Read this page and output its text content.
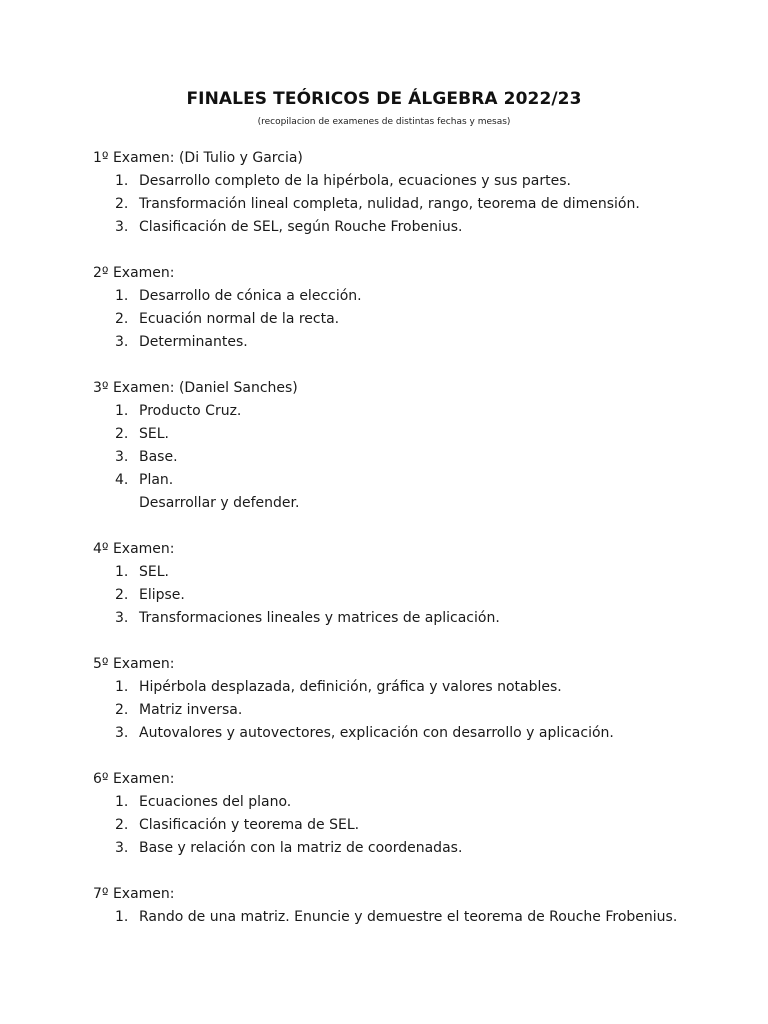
FINALES TEÓRICOS DE ÁLGEBRA 2022/23
(recopilacion de examenes de distintas fechas y mesas)
1º Examen: (Di Tulio y Garcia)
1. Desarrollo completo de la hipérbola, ecuaciones y sus partes.
2. Transformación lineal completa, nulidad, rango, teorema de dimensión.
3. Clasificación de SEL, según Rouche Frobenius.
2º Examen:
1. Desarrollo de cónica a elección.
2. Ecuación normal de la recta.
3. Determinantes.
3º Examen: (Daniel Sanches)
1. Producto Cruz.
2. SEL.
3. Base.
4. Plan.
Desarrollar y defender.
4º Examen:
1. SEL.
2. Elipse.
3. Transformaciones lineales y matrices de aplicación.
5º Examen:
1. Hipérbola desplazada, definición, gráfica y valores notables.
2. Matriz inversa.
3. Autovalores y autovectores, explicación con desarrollo y aplicación.
6º Examen:
1. Ecuaciones del plano.
2. Clasificación y teorema de SEL.
3. Base y relación con la matriz de coordenadas.
7º Examen:
1. Rando de una matriz. Enuncie y demuestre el teorema de Rouche Frobenius.
